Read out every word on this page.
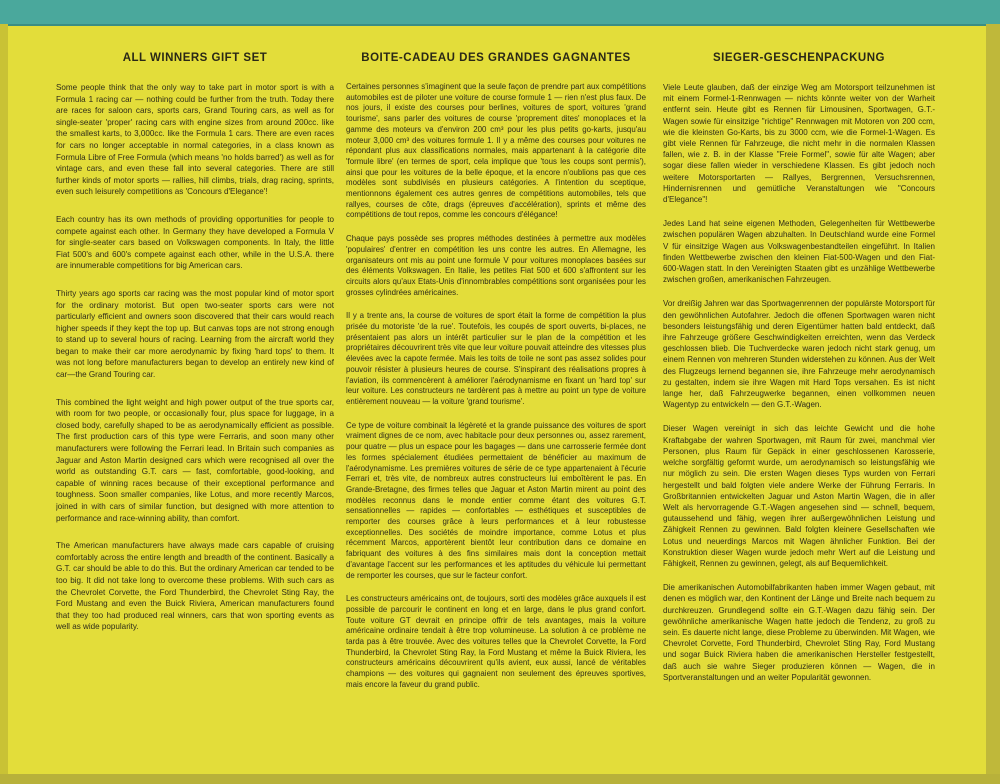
ALL WINNERS GIFT SET

Some people think that the only way to take part in motor sport is with a Formula 1 racing car — nothing could be further from the truth. Today there are races for saloon cars, sports cars, Grand Touring cars, as well as for single-seater 'proper' racing cars with engine sizes from around 200cc. like the smallest karts, to 3,000cc. like the Formula 1 cars. There are even races for cars no longer acceptable in normal categories, in a class known as Formula Libre of Free Formula (which means 'no holds barred') as well as for vintage cars, and even these fall into several categories. There are still further kinds of motor sports — rallies, hill climbs, trials, drag racing, sprints, even such leisurely competitions as 'Concours d'Elegance'!

Each country has its own methods of providing opportunities for people to compete against each other. In Germany they have developed a Formula V for single-seater cars based on Volkswagen components. In Italy, the little Fiat 500's and 600's compete against each other, while in the U.S.A. there are innumerable competitions for big American cars.

Thirty years ago sports car racing was the most popular kind of motor sport for the ordinary motorist. But open two-seater sports cars were not particularly efficient and owners soon discovered that their cars would reach higher speeds if they kept the top up. But canvas tops are not strong enough to stand up to several hours of racing. Learning from the aircraft world they began to make their car more aerodynamic by fixing 'hard tops' to them. It was not long before manufacturers began to develop an entirely new kind of car—the Grand Touring car.

This combined the light weight and high power output of the true sports car, with room for two people, or occasionally four, plus space for luggage, in a closed body, carefully shaped to be as aerodynamically efficient as possible. The first production cars of this type were Ferraris, and soon many other manufacturers were following the Ferrari lead. In Britain such companies as Jaguar and Aston Martin designed cars which were recognised all over the world as outstanding G.T. cars — fast, comfortable, good-looking, and capable of winning races because of their exceptional performance and toughness. Soon smaller companies, like Lotus, and more recently Marcos, joined in with cars of similar function, but designed with more attention to performance and race-winning ability, than comfort.

The American manufacturers have always made cars capable of cruising comfortably across the entire length and breadth of the continent. Basically a G.T. car should be able to do this. But the ordinary American car tended to be too big. It did not take long to overcome these problems. With such cars as the Chevrolet Corvette, the Ford Thunderbird, the Chevrolet Sting Ray, the Ford Mustang and even the Buick Riviera, American manufacturers found that they too had produced real winners, cars that won sporting events as well as wide popularity.

BOITE-CADEAU DES GRANDES GAGNANTES

Certaines personnes s'imaginent que la seule façon de prendre part aux compétitions automobiles est de piloter une voiture de course formule 1 — rien n'est plus faux. De nos jours, il existe des courses pour berlines, voitures de sport, voitures 'grand tourisme', sans parler des voitures de course 'proprement dites' monoplaces et la gamme des moteurs va d'environ 200 cm³ pour les plus petits go-karts, jusqu'au moteur 3,000 cm³ des voitures formule 1. Il y a même des courses pour voitures ne répondant plus aux classifications normales, mais appartenant à la catégorie dite 'formule libre' (en termes de sport, cela implique que 'tous les coups sont permis'), ainsi que pour les voitures de la belle époque, et la encore n'oublions pas que ces modèles sont subdivisés en plusieurs catégories. A l'intention du sceptique, mentionnons également ces autres genres de compétitions automobiles, tels que rallyes, courses de côte, drags (épreuves d'accélération), sprints et même des compétitions de tout repos, comme les concours d'élégance!

Chaque pays possède ses propres méthodes destinées à permettre aux modèles 'populaires' d'entrer en compétition les uns contre les autres. En Allemagne, les organisateurs ont mis au point une formule V pour voitures monoplaces basées sur des éléments Volkswagen. En Italie, les petites Fiat 500 et 600 s'affrontent sur les circuits alors qu'aux Etats-Unis d'innombrables compétitions sont organisées pour les grosses cylindrées américaines.

Il y a trente ans, la course de voitures de sport était la forme de compétition la plus prisée du motoriste 'de la rue'. Toutefois, les coupés de sport ouverts, bi-places, ne présentaient pas alors un intérêt particulier sur le plan de la compétition et les propriétaires découvrirent très vite que leur voiture pouvait atteindre des vitesses plus élevées avec la capote fermée. Mais les toits de toile ne sont pas assez solides pour pouvoir résister à plusieurs heures de course. S'inspirant des réalisations propres à l'aviation, ils commencèrent à améliorer l'aérodynamisme en fixant un 'hard top' sur leur voiture. Les constructeurs ne tardèrent pas à mettre au point un type de voiture entièrement nouveau — la voiture 'grand tourisme'.

Ce type de voiture combinait la légèreté et la grande puissance des voitures de sport vraiment dignes de ce nom, avec habitacle pour deux personnes ou, assez rarement, pour quatre — plus un espace pour les bagages — dans une carrosserie fermée dont les formes spécialement étudiées permettaient de bénéficier au maximum de l'aérodynamisme. Les premières voitures de série de ce type appartenaient à l'écurie Ferrari et, très vite, de nombreux autres constructeurs lui emboîtèrent le pas. En Grande-Bretagne, des firmes telles que Jaguar et Aston Martin mirent au point des modèles reconnus dans le monde entier comme étant des voitures G.T. sensationnelles — rapides — confortables — esthétiques et susceptibles de remporter des courses grâce à leurs performances et à leur robustesse exceptionnelles. Des sociétés de moindre importance, comme Lotus et plus récemment Marcos, apportèrent bientôt leur contribution dans ce domaine en fabriquant des voitures à des fins similaires mais dont la conception mettait d'avantage l'accent sur les performances et les aptitudes du véhicule lui permettant de remporter les courses, que sur le facteur confort.

Les constructeurs américains ont, de toujours, sorti des modèles grâce auxquels il est possible de parcourir le continent en long et en large, dans le plus grand confort. Toute voiture GT devrait en principe offrir de tels avantages, mais la voiture américaine ordinaire tendait à être trop volumineuse. La solution à ce problème ne tarda pas à être trouvée. Avec des voitures telles que la Chevrolet Corvette, la Ford Thunderbird, la Chevrolet Sting Ray, la Ford Mustang et même la Buick Riviera, les constructeurs américains découvrirent qu'ils avient, eux aussi, lancé de véritables champions — des voitures qui gagnaient non seulement des épreuves sportives, mais encore la faveur du grand public.

SIEGER-GESCHENPACKUNG

Viele Leute glauben, daß der einzige Weg am Motorsport teilzunehmen ist mit einem Formel-1-Rennwagen — nichts könnte weiter von der Warheit entfernt sein. Heute gibt es Rennen für Limousinen, Sportwagen, G.T.-Wagen sowie für einsitzige "richtige" Rennwagen mit Motoren von 200 ccm, wie die kleinsten Go-Karts, bis zu 3000 ccm, wie die Formel-1-Wagen. Es gibt viele Rennen für Fahrzeuge, die nicht mehr in die normalen Klassen fallen, wie z. B. in der Klasse "Freie Formel", sowie für alte Wagen; aber sogar diese fallen wieder in verschiedene Klassen. Es gibt jedoch noch weitere Motorsportarten — Rallyes, Bergrennen, Versuchsrennen, Hindernisrennen und gemütliche Veranstaltungen wie "Concours d'Elegance"!

Jedes Land hat seine eigenen Methoden, Gelegenheiten für Wettbewerbe zwischen populären Wagen abzuhalten. In Deutschland wurde eine Formel V für einsitzige Wagen aus Volkswagenbestandteilen eingeführt. In Italien finden Wettbewerbe zwischen den kleinen Fiat-500-Wagen und den Fiat-600-Wagen statt. In den Vereinigten Staaten gibt es unzählige Wettbewerbe zwischen großen, amerikanischen Fahrzeugen.

Vor dreißig Jahren war das Sportwagenrennen der populärste Motorsport für den gewöhnlichen Autofahrer. Jedoch die offenen Sportwagen waren nicht besonders leistungsfähig und deren Eigentümer hatten bald entdeckt, daß ihre Fahrzeuge größere Geschwindigkeiten erreichten, wenn das Verdeck geschlossen blieb. Die Tuchverdecke waren jedoch nicht stark genug, um einem Rennen von mehreren Stunden widerstehen zu können. Aus der Welt des Flugzeugs lernend begannen sie, ihre Fahrzeuge mehr aerodynamisch zu gestalten, indem sie ihre Wagen mit Hard Tops versahen. Es ist nicht lange her, daß Fahrzeugwerke begannen, einen vollkommen neuen Wagentyp zu entwickeln — den G.T.-Wagen.

Dieser Wagen vereinigt in sich das leichte Gewicht und die hohe Kraftabgabe der wahren Sportwagen, mit Raum für zwei, manchmal vier Personen, plus Raum für Gepäck in einer geschlossenen Karosserie, welche sorgfältig geformt wurde, um aerodynamisch so leistungsfähig wie nur möglich zu sein. Die ersten Wagen dieses Typs wurden von Ferrari hergestellt und bald folgten viele andere Werke der Führung Ferraris. In Großbritannien entwickelten Jaguar und Aston Martin Wagen, die in aller Welt als hervorragende G.T.-Wagen angesehen sind — schnell, bequem, gutaussehend und fähig, wegen ihrer außergewöhnlichen Leistung und Zähigkeit Rennen zu gewinnen. Bald folgten kleinere Gesellschaften wie Lotus und neuerdings Marcos mit Wagen ähnlicher Funktion. Bei der Konstruktion dieser Wagen wurde jedoch mehr Wert auf die Leistung und Fähigkeit, Rennen zu gewinnen, gelegt, als auf Bequemlichkeit.

Die amerikanischen Automobilfabrikanten haben immer Wagen gebaut, mit denen es möglich war, den Kontinent der Länge und Breite nach bequem zu durchkreuzen. Grundlegend sollte ein G.T.-Wagen dazu fähig sein. Der gewöhnliche amerikanische Wagen hatte jedoch die Tendenz, zu groß zu sein. Es dauerte nicht lange, diese Probleme zu überwinden. Mit Wagen, wie Chevrolet Corvette, Ford Thunderbird, Chevrolet Sting Ray, Ford Mustang und sogar Buick Riviera haben die amerikanischen Hersteller festgestellt, daß auch sie wahre Sieger produzieren können — Wagen, die in Sportveranstaltungen und an weiter Popularität gewonnen.
